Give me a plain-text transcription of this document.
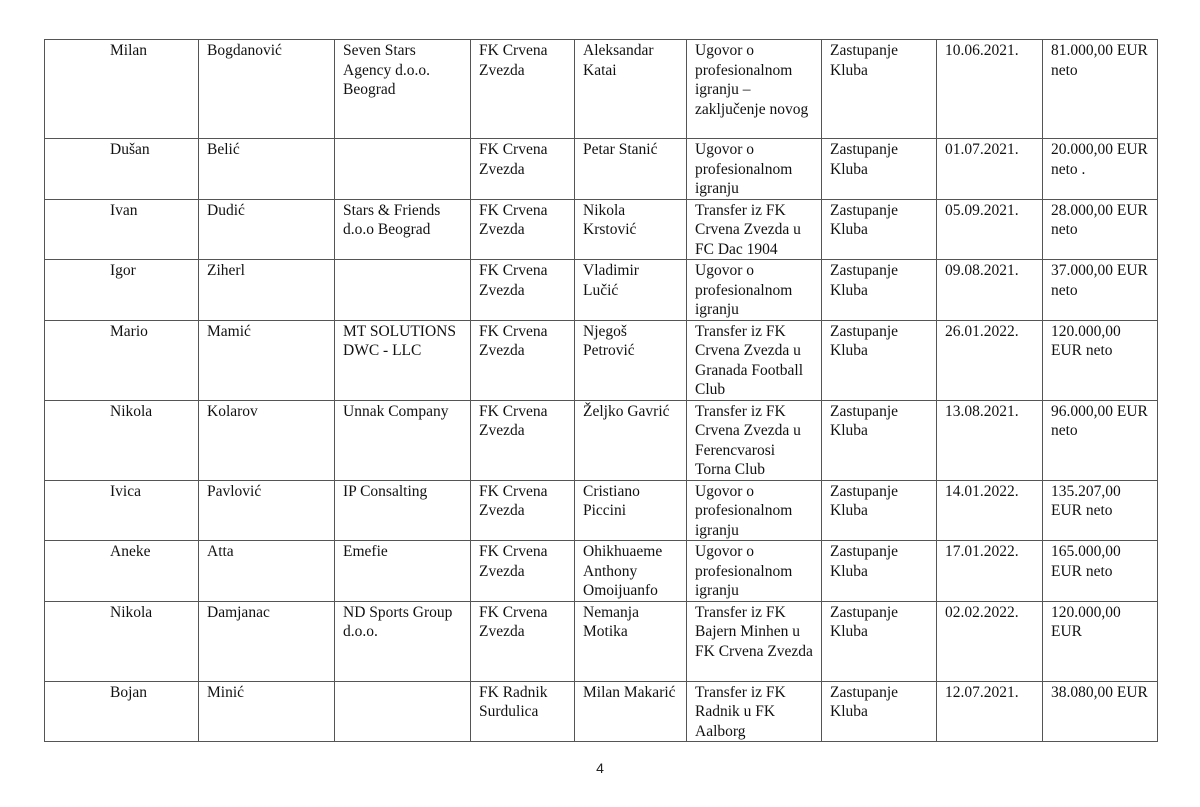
Milan	Bogdanović	Seven Stars Agency d.o.o. Beograd	FK Crvena Zvezda	Aleksandar Katai	Ugovor o profesionalnom igranju – zaključenje novog	Zastupanje Kluba	10.06.2021.	81.000,00 EUR neto
Dušan	Belić		FK Crvena Zvezda	Petar Stanić	Ugovor o profesionalnom igranju	Zastupanje Kluba	01.07.2021.	20.000,00 EUR neto .
Ivan	Dudić	Stars & Friends d.o.o Beograd	FK Crvena Zvezda	Nikola Krstović	Transfer iz FK Crvena Zvezda u FC Dac 1904	Zastupanje Kluba	05.09.2021.	28.000,00 EUR neto
Igor	Ziherl		FK Crvena Zvezda	Vladimir Lučić	Ugovor o profesionalnom igranju	Zastupanje Kluba	09.08.2021.	37.000,00 EUR neto
Mario	Mamić	MT SOLUTIONS DWC - LLC	FK Crvena Zvezda	Njegoš Petrović	Transfer iz FK Crvena Zvezda u Granada Football Club	Zastupanje Kluba	26.01.2022.	120.000,00 EUR neto
Nikola	Kolarov	Unnak Company	FK Crvena Zvezda	Željko Gavrić	Transfer iz FK Crvena Zvezda u Ferencvarosi Torna Club	Zastupanje Kluba	13.08.2021.	96.000,00 EUR neto
Ivica	Pavlović	IP Consalting	FK Crvena Zvezda	Cristiano Piccini	Ugovor o profesionalnom igranju	Zastupanje Kluba	14.01.2022.	135.207,00 EUR neto
Aneke	Atta	Emefie	FK Crvena Zvezda	Ohikhuaeme Anthony Omoijuanfo	Ugovor o profesionalnom igranju	Zastupanje Kluba	17.01.2022.	165.000,00 EUR neto
Nikola	Damjanac	ND Sports Group d.o.o.	FK Crvena Zvezda	Nemanja Motika	Transfer iz FK Bajern Minhen u FK Crvena Zvezda	Zastupanje Kluba	02.02.2022.	120.000,00 EUR
Bojan	Minić		FK Radnik Surdulica	Milan Makarić	Transfer iz FK Radnik u FK Aalborg	Zastupanje Kluba	12.07.2021.	38.080,00 EUR
4
